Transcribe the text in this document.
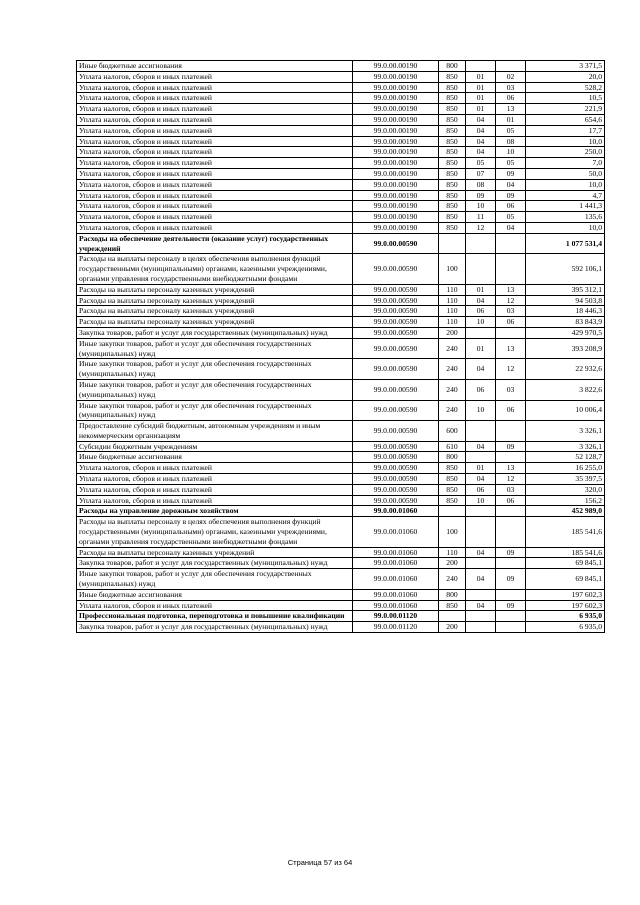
Иные бюджетные ассигнования	99.0.00.00190	800			3 371,5
Уплата налогов, сборов и иных платежей	99.0.00.00190	850	01	02	20,0
Уплата налогов, сборов и иных платежей	99.0.00.00190	850	01	03	528,2
Уплата налогов, сборов и иных платежей	99.0.00.00190	850	01	06	10,5
Уплата налогов, сборов и иных платежей	99.0.00.00190	850	01	13	221,9
Уплата налогов, сборов и иных платежей	99.0.00.00190	850	04	01	654,6
Уплата налогов, сборов и иных платежей	99.0.00.00190	850	04	05	17,7
Уплата налогов, сборов и иных платежей	99.0.00.00190	850	04	08	10,0
Уплата налогов, сборов и иных платежей	99.0.00.00190	850	04	10	250,0
Уплата налогов, сборов и иных платежей	99.0.00.00190	850	05	05	7,0
Уплата налогов, сборов и иных платежей	99.0.00.00190	850	07	09	50,0
Уплата налогов, сборов и иных платежей	99.0.00.00190	850	08	04	10,0
Уплата налогов, сборов и иных платежей	99.0.00.00190	850	09	09	4,7
Уплата налогов, сборов и иных платежей	99.0.00.00190	850	10	06	1 441,3
Уплата налогов, сборов и иных платежей	99.0.00.00190	850	11	05	135,6
Уплата налогов, сборов и иных платежей	99.0.00.00190	850	12	04	10,0
Расходы на обеспечение деятельности (оказание услуг) государственных учреждений	99.0.00.00590				1 077 531,4
Расходы на выплаты персоналу в целях обеспечения выполнения функций государственными (муниципальными) органами, казенными учреждениями, органами управления государственными внебюджетными фондами	99.0.00.00590	100			592 106,1
Расходы на выплаты персоналу казенных учреждений	99.0.00.00590	110	01	13	395 312,1
Расходы на выплаты персоналу казенных учреждений	99.0.00.00590	110	04	12	94 503,8
Расходы на выплаты персоналу казенных учреждений	99.0.00.00590	110	06	03	18 446,3
Расходы на выплаты персоналу казенных учреждений	99.0.00.00590	110	10	06	83 843,9
Закупка товаров, работ и услуг для государственных (муниципальных) нужд	99.0.00.00590	200			429 970,5
Иные закупки товаров, работ и услуг для обеспечения государственных (муниципальных) нужд	99.0.00.00590	240	01	13	393 208,9
Иные закупки товаров, работ и услуг для обеспечения государственных (муниципальных) нужд	99.0.00.00590	240	04	12	22 932,6
Иные закупки товаров, работ и услуг для обеспечения государственных (муниципальных) нужд	99.0.00.00590	240	06	03	3 822,6
Иные закупки товаров, работ и услуг для обеспечения государственных (муниципальных) нужд	99.0.00.00590	240	10	06	10 006,4
Предоставление субсидий бюджетным, автономным учреждениям и иным некоммерческим организациям	99.0.00.00590	600			3 326,1
Субсидии бюджетным учреждениям	99.0.00.00590	610	04	09	3 326,1
Иные бюджетные ассигнования	99.0.00.00590	800			52 128,7
Уплата налогов, сборов и иных платежей	99.0.00.00590	850	01	13	16 255,0
Уплата налогов, сборов и иных платежей	99.0.00.00590	850	04	12	35 397,5
Уплата налогов, сборов и иных платежей	99.0.00.00590	850	06	03	320,0
Уплата налогов, сборов и иных платежей	99.0.00.00590	850	10	06	156,2
Расходы на управление дорожным хозяйством	99.0.00.01060				452 989,0
Расходы на выплаты персоналу в целях обеспечения выполнения функций государственными (муниципальными) органами, казенными учреждениями, органами управления государственными внебюджетными фондами	99.0.00.01060	100			185 541,6
Расходы на выплаты персоналу казенных учреждений	99.0.00.01060	110	04	09	185 541,6
Закупка товаров, работ и услуг для государственных (муниципальных) нужд	99.0.00.01060	200			69 845,1
Иные закупки товаров, работ и услуг для обеспечения государственных (муниципальных) нужд	99.0.00.01060	240	04	09	69 845,1
Иные бюджетные ассигнования	99.0.00.01060	800			197 602,3
Уплата налогов, сборов и иных платежей	99.0.00.01060	850	04	09	197 602,3
Профессиональная подготовка, переподготовка и повышение квалификации	99.0.00.01120				6 935,0
Закупка товаров, работ и услуг для государственных (муниципальных) нужд	99.0.00.01120	200			6 935,0
Страница 57 из 64
